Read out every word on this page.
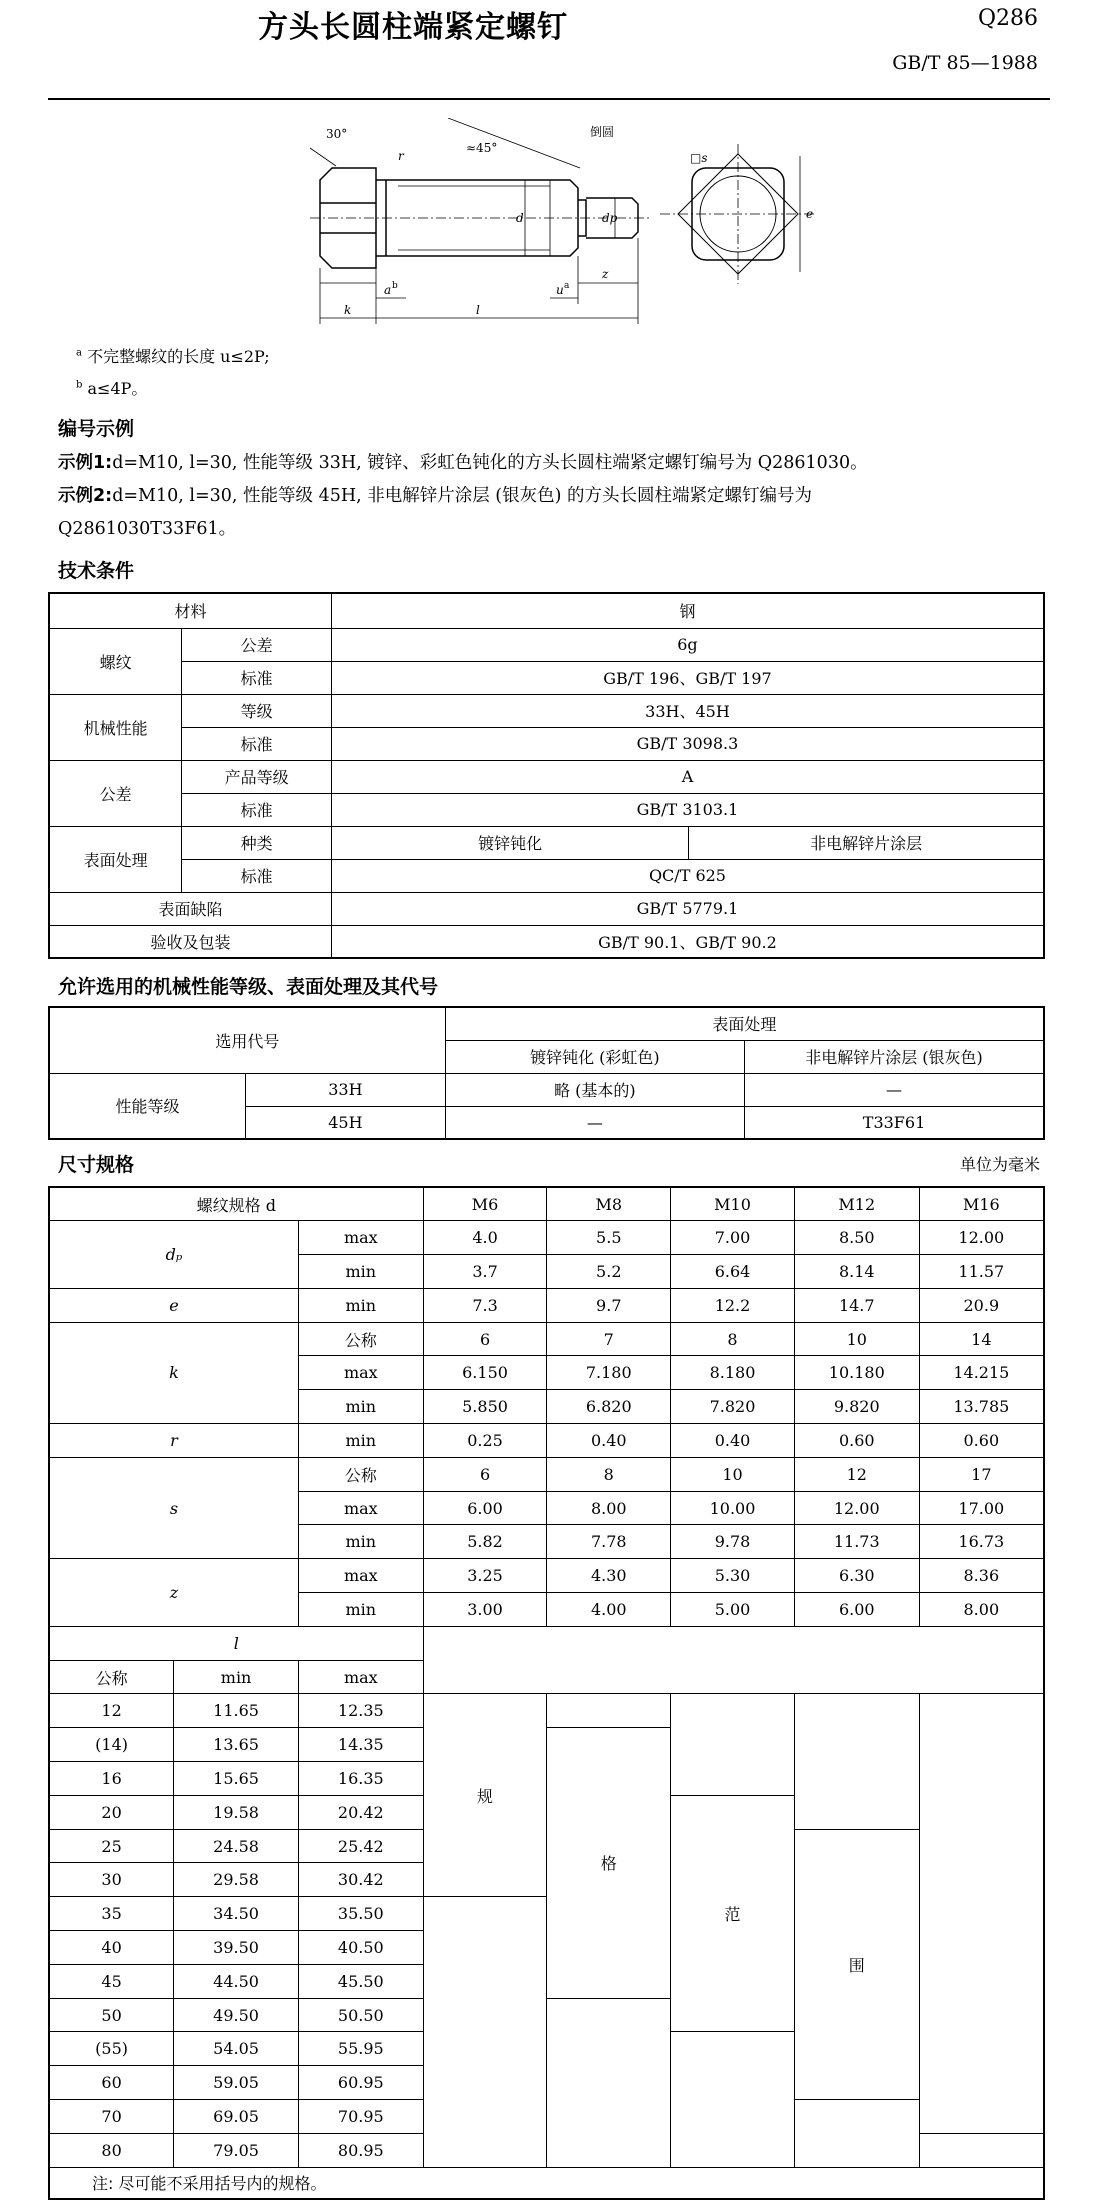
方头长圆柱端紧定螺钉	Q286
GB/T 85—1988
30°
r
≈45°
倒圆
d	dp
a b	u a
z
k	l
□s
e
$^a$ 不完整螺纹的长度 u≤2P;
$^b$ a≤4P。
编号示例
示例1:d=M10, l=30, 性能等级 33H, 镀锌、彩虹色钝化的方头长圆柱端紧定螺钉编号为 Q2861030。
示例2:d=M10, l=30, 性能等级 45H, 非电解锌片涂层 (银灰色) 的方头长圆柱端紧定螺钉编号为
Q2861030T33F61。
技术条件
材料		钢	
螺纹	公差	6g	
	标准	GB/T 196、GB/T 197	
机械性能	等级	33H、45H	
	标准	GB/T 3098.3	
公差	产品等级	A	
	标准	GB/T 3103.1	
表面处理	种类	镀锌钝化	非电解锌片涂层
	标准	QC/T 625	
表面缺陷		GB/T 5779.1	
验收及包装		GB/T 90.1、GB/T 90.2	
允许选用的机械性能等级、表面处理及其代号
选用代号		表面处理	
		镀锌钝化 (彩虹色)	非电解锌片涂层 (银灰色)
性能等级	33H	略 (基本的)	—
	45H	—	T33F61
尺寸规格	单位为毫米
螺纹规格 d			M6	M8	M10	M12	M16
dₚ		max	4.0	5.5	7.00	8.50	12.00
		min	3.7	5.2	6.64	8.14	11.57
e		min	7.3	9.7	12.2	14.7	20.9
k		公称	6	7	8	10	14
		max	6.150	7.180	8.180	10.180	14.215
		min	5.850	6.820	7.820	9.820	13.785
r		min	0.25	0.40	0.40	0.60	0.60
s		公称	6	8	10	12	17
		max	6.00	8.00	10.00	12.00	17.00
		min	5.82	7.78	9.78	11.73	16.73
z		max	3.25	4.30	5.30	6.30	8.36
		min	3.00	4.00	5.00	6.00	8.00
l							
公称	min	max					
12	11.65	12.35	规				
(14)	13.65	14.35		格			
16	15.65	16.35					
20	19.58	20.42			范		
25	24.58	25.42				围	
30	29.58	30.42					
35	34.50	35.50					
40	39.50	40.50					
45	44.50	45.50					
50	49.50	50.50					
(55)	54.05	55.95					
60	59.05	60.95					
70	69.05	70.95					
80	79.05	80.95					
注: 尽可能不采用括号内的规格。							
